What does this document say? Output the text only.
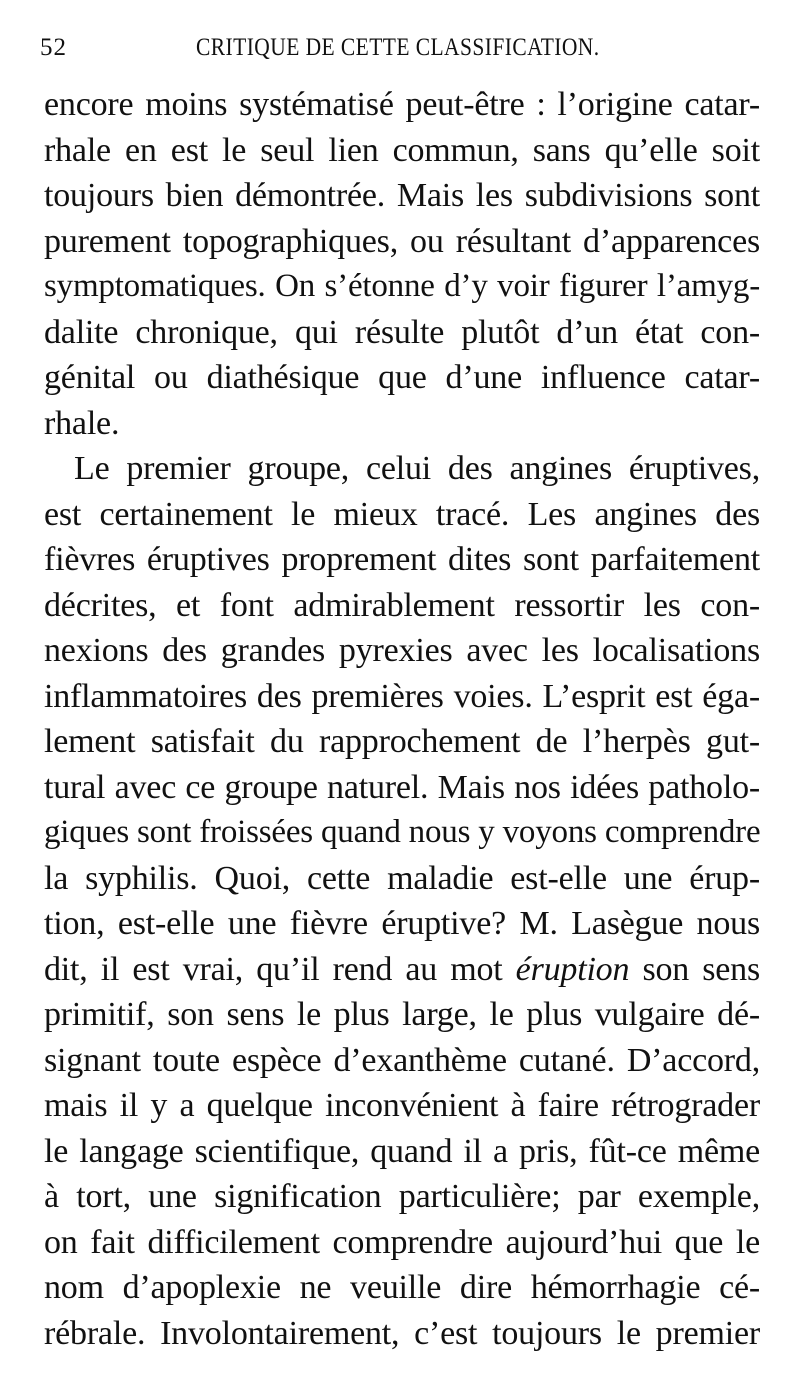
52	CRITIQUE DE CETTE CLASSIFICATION.
encore moins systématisé peut-être : l’origine catar-
rhale en est le seul lien commun, sans qu’elle soit
toujours bien démontrée. Mais les subdivisions sont
purement topographiques, ou résultant d’apparences
symptomatiques. On s’étonne d’y voir figurer l’amyg-
dalite chronique, qui résulte plutôt d’un état con-
génital ou diathésique que d’une influence catar-
rhale.
Le premier groupe, celui des angines éruptives,
est certainement le mieux tracé. Les angines des
fièvres éruptives proprement dites sont parfaitement
décrites, et font admirablement ressortir les con-
nexions des grandes pyrexies avec les localisations
inflammatoires des premières voies. L’esprit est éga-
lement satisfait du rapprochement de l’herpès gut-
tural avec ce groupe naturel. Mais nos idées patholo-
giques sont froissées quand nous y voyons comprendre
la syphilis. Quoi, cette maladie est-elle une érup-
tion, est-elle une fièvre éruptive? M. Lasègue nous
dit, il est vrai, qu’il rend au mot éruption son sens
primitif, son sens le plus large, le plus vulgaire dé-
signant toute espèce d’exanthème cutané. D’accord,
mais il y a quelque inconvénient à faire rétrograder
le langage scientifique, quand il a pris, fût-ce même
à tort, une signification particulière; par exemple,
on fait difficilement comprendre aujourd’hui que le
nom d’apoplexie ne veuille dire hémorrhagie cé-
rébrale. Involontairement, c’est toujours le premier
